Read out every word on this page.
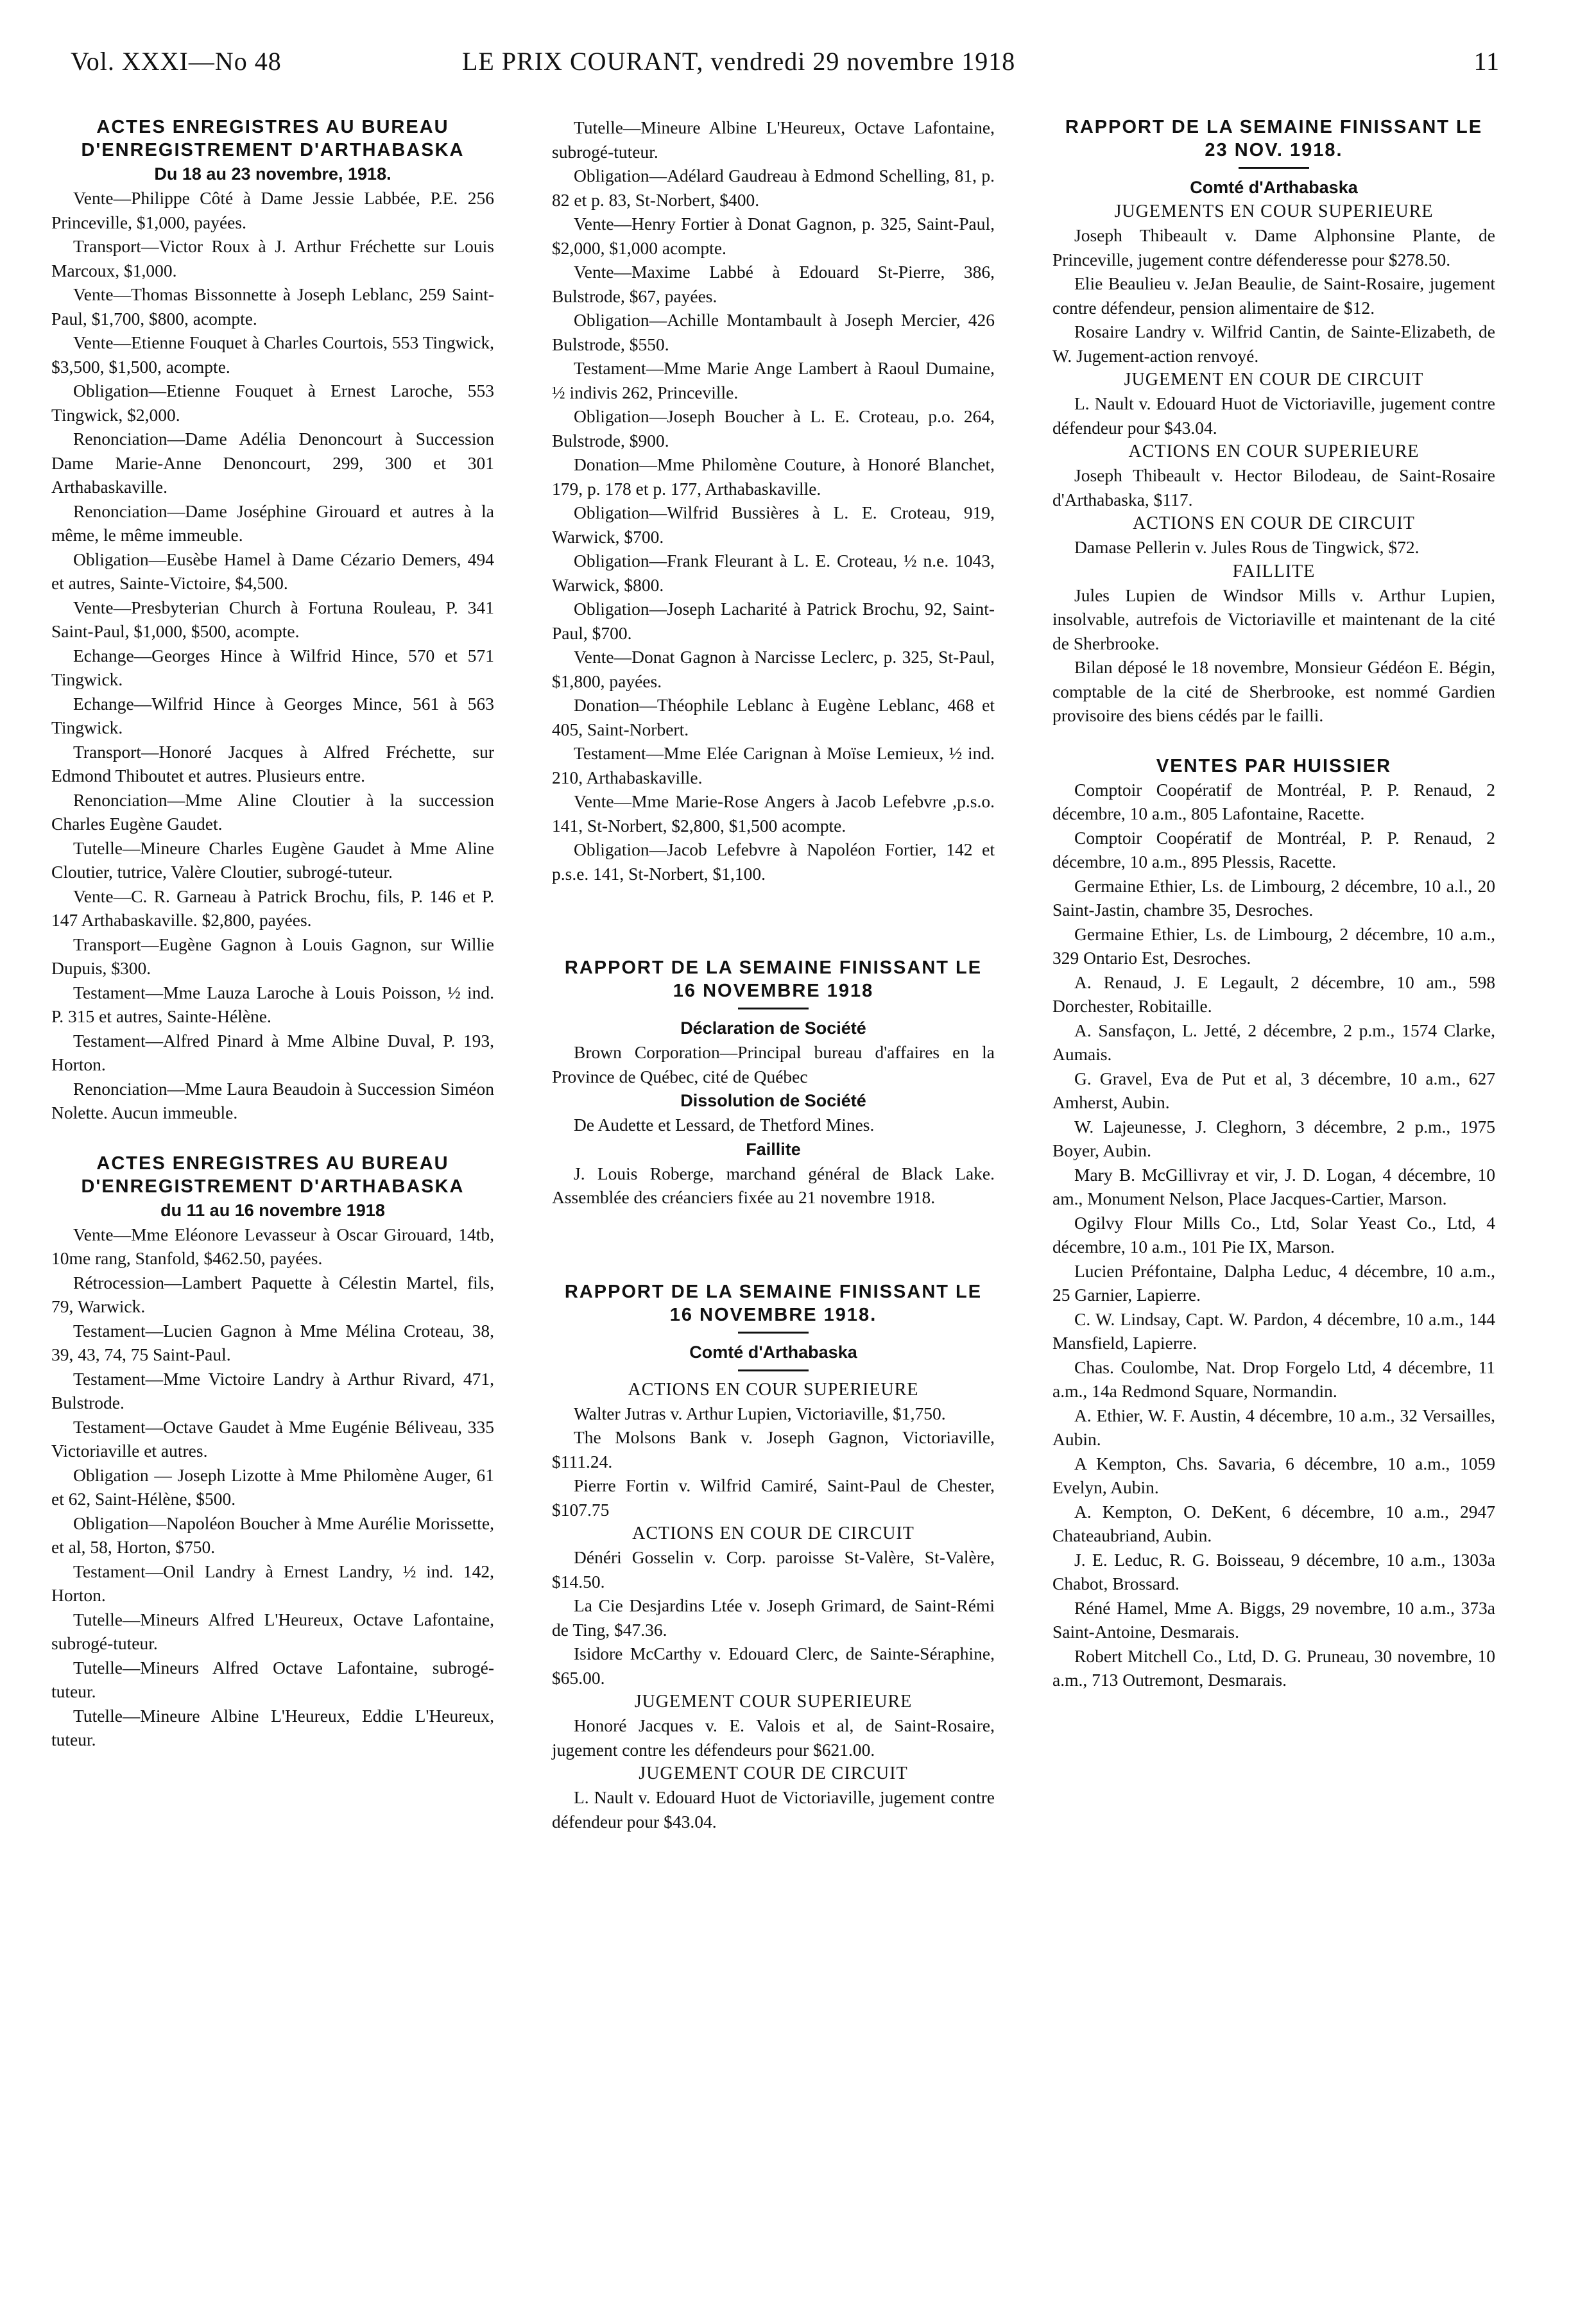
Vol. XXXI—No 48	LE PRIX COURANT, vendredi 29 novembre 1918	11
ACTES ENREGISTRES AU BUREAU D'ENREGISTREMENT D'ARTHABASKA
Du 18 au 23 novembre, 1918.

Vente—Philippe Côté à Dame Jessie Labbée, P.E. 256 Princeville, $1,000, payées.

Transport—Victor Roux à J. Arthur Fréchette sur Louis Marcoux, $1,000.

Vente—Thomas Bissonnette à Joseph Leblanc, 259 Saint-Paul, $1,700, $800, acompte.

Vente—Etienne Fouquet à Charles Courtois, 553 Tingwick, $3,500, $1,500, acompte.

Obligation—Etienne Fouquet à Ernest Laroche, 553 Tingwick, $2,000.

Renonciation—Dame Adélia Denoncourt à Succession Dame Marie-Anne Denoncourt, 299, 300 et 301 Arthabaskaville.

Renonciation—Dame Joséphine Girouard et autres à la même, le même immeuble.

Obligation—Eusèbe Hamel à Dame Cézario Demers, 494 et autres, Sainte-Victoire, $4,500.

Vente—Presbyterian Church à Fortuna Rouleau, P. 341 Saint-Paul, $1,000, $500, acompte.

Echange—Georges Hince à Wilfrid Hince, 570 et 571 Tingwick.

Echange—Wilfrid Hince à Georges Mince, 561 à 563 Tingwick.

Transport—Honoré Jacques à Alfred Fréchette, sur Edmond Thiboutet et autres. Plusieurs entre.

Renonciation—Mme Aline Cloutier à la succession Charles Eugène Gaudet.

Tutelle—Mineure Charles Eugène Gaudet à Mme Aline Cloutier, tutrice, Valère Cloutier, subrogé-tuteur.

Vente—C. R. Garneau à Patrick Brochu, fils, P. 146 et P. 147 Arthabaskaville. $2,800, payées.

Transport—Eugène Gagnon à Louis Gagnon, sur Willie Dupuis, $300.

Testament—Mme Lauza Laroche à Louis Poisson, ½ ind. P. 315 et autres, Sainte-Hélène.

Testament—Alfred Pinard à Mme Albine Duval, P. 193, Horton.

Renonciation—Mme Laura Beaudoin à Succession Siméon Nolette. Aucun immeuble.

ACTES ENREGISTRES AU BUREAU D'ENREGISTREMENT D'ARTHABASKA
du 11 au 16 novembre 1918

Vente—Mme Eléonore Levasseur à Oscar Girouard, 14tb, 10me rang, Stanfold, $462.50, payées.

Rétrocession—Lambert Paquette à Célestin Martel, fils, 79, Warwick.

Testament—Lucien Gagnon à Mme Mélina Croteau, 38, 39, 43, 74, 75 Saint-Paul.

Testament—Mme Victoire Landry à Arthur Rivard, 471, Bulstrode.

Testament—Octave Gaudet à Mme Eugénie Béliveau, 335 Victoriaville et autres.

Obligation — Joseph Lizotte à Mme Philomène Auger, 61 et 62, Saint-Hélène, $500.

Obligation—Napoléon Boucher à Mme Aurélie Morissette, et al, 58, Horton, $750.

Testament—Onil Landry à Ernest Landry, ½ ind. 142, Horton.

Tutelle—Mineurs Alfred L'Heureux, Octave Lafontaine, subrogé-tuteur.

Tutelle—Mineurs Alfred Octave Lafontaine, subrogé-tuteur.

Tutelle—Mineure Albine L'Heureux, Eddie L'Heureux, tuteur.

Tutelle—Mineure Albine L'Heureux, Octave Lafontaine, subrogé-tuteur.

Obligation—Adélard Gaudreau à Edmond Schelling, 81, p. 82 et p. 83, St-Norbert, $400.

Vente—Henry Fortier à Donat Gagnon, p. 325, Saint-Paul, $2,000, $1,000 acompte.

Vente—Maxime Labbé à Edouard St-Pierre, 386, Bulstrode, $67, payées.

Obligation—Achille Montambault à Joseph Mercier, 426 Bulstrode, $550.

Testament—Mme Marie Ange Lambert à Raoul Dumaine, ½ indivis 262, Princeville.

Obligation—Joseph Boucher à L. E. Croteau, p.o. 264, Bulstrode, $900.

Donation—Mme Philomène Couture, à Honoré Blanchet, 179, p. 178 et p. 177, Arthabaskaville.

Obligation—Wilfrid Bussières à L. E. Croteau, 919, Warwick, $700.

Obligation—Frank Fleurant à L. E. Croteau, ½ n.e. 1043, Warwick, $800.

Obligation—Joseph Lacharité à Patrick Brochu, 92, Saint-Paul, $700.

Vente—Donat Gagnon à Narcisse Leclerc, p. 325, St-Paul, $1,800, payées.

Donation—Théophile Leblanc à Eugène Leblanc, 468 et 405, Saint-Norbert.

Testament—Mme Elée Carignan à Moïse Lemieux, ½ ind. 210, Arthabaskaville.

Vente—Mme Marie-Rose Angers à Jacob Lefebvre ,p.s.o. 141, St-Norbert, $2,800, $1,500 acompte.

Obligation—Jacob Lefebvre à Napoléon Fortier, 142 et p.s.e. 141, St-Norbert, $1,100.

RAPPORT DE LA SEMAINE FINISSANT LE 16 NOVEMBRE 1918
Déclaration de Société

Brown Corporation—Principal bureau d'affaires en la Province de Québec, cité de Québec

Dissolution de Société

De Audette et Lessard, de Thetford Mines.

Faillite

J. Louis Roberge, marchand général de Black Lake. Assemblée des créanciers fixée au 21 novembre 1918.

RAPPORT DE LA SEMAINE FINISSANT LE 16 NOVEMBRE 1918.
Comté d'Arthabaska
ACTIONS EN COUR SUPERIEURE

Walter Jutras v. Arthur Lupien, Victoriaville, $1,750.

The Molsons Bank v. Joseph Gagnon, Victoriaville, $111.24.

Pierre Fortin v. Wilfrid Camiré, Saint-Paul de Chester, $107.75

ACTIONS EN COUR DE CIRCUIT

Dénéri Gosselin v. Corp. paroisse St-Valère, St-Valère, $14.50.

La Cie Desjardins Ltée v. Joseph Grimard, de Saint-Rémi de Ting, $47.36.

Isidore McCarthy v. Edouard Clerc, de Sainte-Séraphine, $65.00.

JUGEMENT COUR SUPERIEURE

Honoré Jacques v. E. Valois et al, de Saint-Rosaire, jugement contre les défendeurs pour $621.00.

JUGEMENT COUR DE CIRCUIT

L. Nault v. Edouard Huot de Victoriaville, jugement contre défendeur pour $43.04.

RAPPORT DE LA SEMAINE FINISSANT LE 23 NOV. 1918.
Comté d'Arthabaska
JUGEMENTS EN COUR SUPERIEURE

Joseph Thibeault v. Dame Alphonsine Plante, de Princeville, jugement contre défenderesse pour $278.50.

Elie Beaulieu v. JeJan Beaulie, de Saint-Rosaire, jugement contre défendeur, pension alimentaire de $12.

Rosaire Landry v. Wilfrid Cantin, de Sainte-Elizabeth, de W. Jugement-action renvoyé.

JUGEMENT EN COUR DE CIRCUIT

L. Nault v. Edouard Huot de Victoriaville, jugement contre défendeur pour $43.04.

ACTIONS EN COUR SUPERIEURE

Joseph Thibeault v. Hector Bilodeau, de Saint-Rosaire d'Arthabaska, $117.

ACTIONS EN COUR DE CIRCUIT

Damase Pellerin v. Jules Rous de Tingwick, $72.

FAILLITE

Jules Lupien de Windsor Mills v. Arthur Lupien, insolvable, autrefois de Victoriaville et maintenant de la cité de Sherbrooke.

Bilan déposé le 18 novembre, Monsieur Gédéon E. Bégin, comptable de la cité de Sherbrooke, est nommé Gardien provisoire des biens cédés par le failli.

VENTES PAR HUISSIER

Comptoir Coopératif de Montréal, P. P. Renaud, 2 décembre, 10 a.m., 805 Lafontaine, Racette.

Comptoir Coopératif de Montréal, P. P. Renaud, 2 décembre, 10 a.m., 895 Plessis, Racette.

Germaine Ethier, Ls. de Limbourg, 2 décembre, 10 a.l., 20 Saint-Jastin, chambre 35, Desroches.

Germaine Ethier, Ls. de Limbourg, 2 décembre, 10 a.m., 329 Ontario Est, Desroches.

A. Renaud, J. E Legault, 2 décembre, 10 am., 598 Dorchester, Robitaille.

A. Sansfaçon, L. Jetté, 2 décembre, 2 p.m., 1574 Clarke, Aumais.

G. Gravel, Eva de Put et al, 3 décembre, 10 a.m., 627 Amherst, Aubin.

W. Lajeunesse, J. Cleghorn, 3 décembre, 2 p.m., 1975 Boyer, Aubin.

Mary B. McGillivray et vir, J. D. Logan, 4 décembre, 10 am., Monument Nelson, Place Jacques-Cartier, Marson.

Ogilvy Flour Mills Co., Ltd, Solar Yeast Co., Ltd, 4 décembre, 10 a.m., 101 Pie IX, Marson.

Lucien Préfontaine, Dalpha Leduc, 4 décembre, 10 a.m., 25 Garnier, Lapierre.

C. W. Lindsay, Capt. W. Pardon, 4 décembre, 10 a.m., 144 Mansfield, Lapierre.

Chas. Coulombe, Nat. Drop Forgelo Ltd, 4 décembre, 11 a.m., 14a Redmond Square, Normandin.

A. Ethier, W. F. Austin, 4 décembre, 10 a.m., 32 Versailles, Aubin.

A Kempton, Chs. Savaria, 6 décembre, 10 a.m., 1059 Evelyn, Aubin.

A. Kempton, O. DeKent, 6 décembre, 10 a.m., 2947 Chateaubriand, Aubin.

J. E. Leduc, R. G. Boisseau, 9 décembre, 10 a.m., 1303a Chabot, Brossard.

Réné Hamel, Mme A. Biggs, 29 novembre, 10 a.m., 373a Saint-Antoine, Desmarais.

Robert Mitchell Co., Ltd, D. G. Pruneau, 30 novembre, 10 a.m., 713 Outremont, Desmarais.
